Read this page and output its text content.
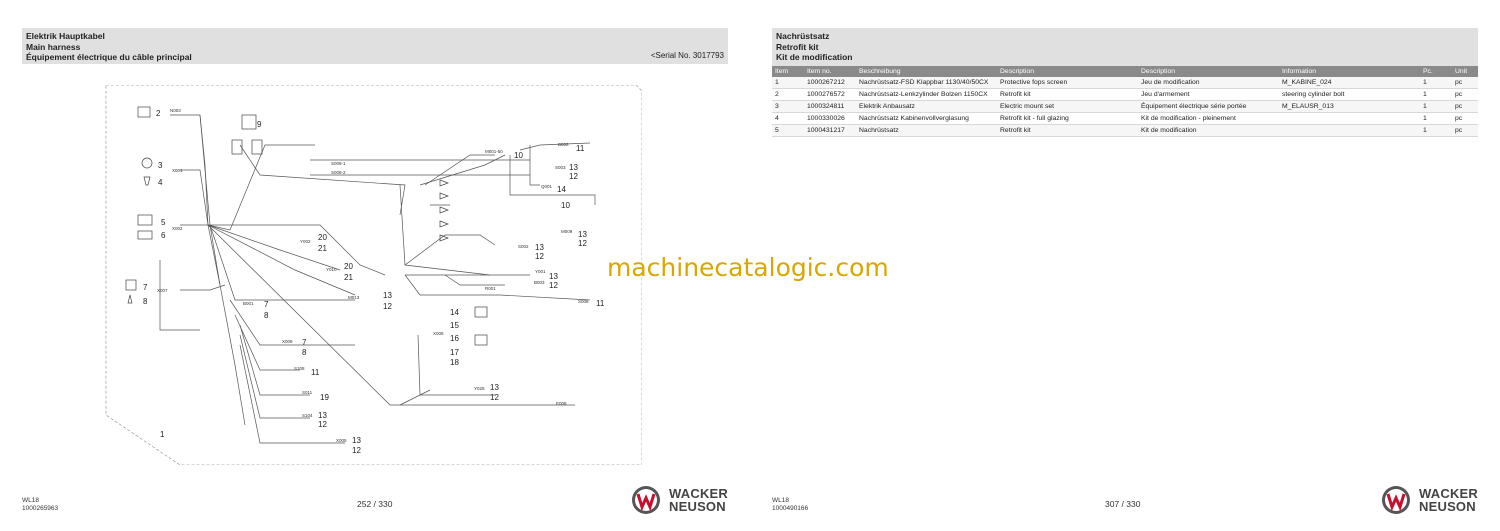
Elektrik Hauptkabel
Main harness
Équipement électrique du câble principal	<Serial No. 3017793
2
3
4
5
6
7
8
9
7
8
7
8
11
19
13
12
13
12
20
21
20
21
13
12
14
15
16
17
18
13
12
10
11
13
12
14
10
13
12
13
12
13
12
11
1
N003
X001
X002
X007
B001
X009
S108
S011
S104
X005
Y002
Y010
M013
S008-1
S008-2
M001-50
B006
S003
Q001
M009
S002
Y001
B003
R001
S006
X006
Y025
E008
WL18
1000265963	252 / 330
WACKER
NEUSON
Nachrüstsatz
Retrofit kit
Kit de modification
Item	Item no.	Beschreibung	Description	Description	Information	Pc.	Unit
1	1000267212	Nachrüstsatz-FSD Klappbar 1130/40/50CX	Protective fops screen	Jeu de modification	M_KABINE_024	1	pc
2	1000276572	Nachrüstsatz-Lenkzylinder Bolzen 1150CX	Retrofit kit	Jeu d'armement	steering cylinder bolt	1	pc
3	1000324811	Elektrik Anbausatz	Electric mount set	Équipement électrique série portée	M_ELAUSR_013	1	pc
4	1000330026	Nachrüstsatz Kabinenvollverglasung	Retrofit kit - full glazing	Kit de modification - pleinement		1	pc
5	1000431217	Nachrüstsatz	Retrofit kit	Kit de modification		1	pc
WL18
1000490166	307 / 330
WACKER
NEUSON
machinecatalogic.com
